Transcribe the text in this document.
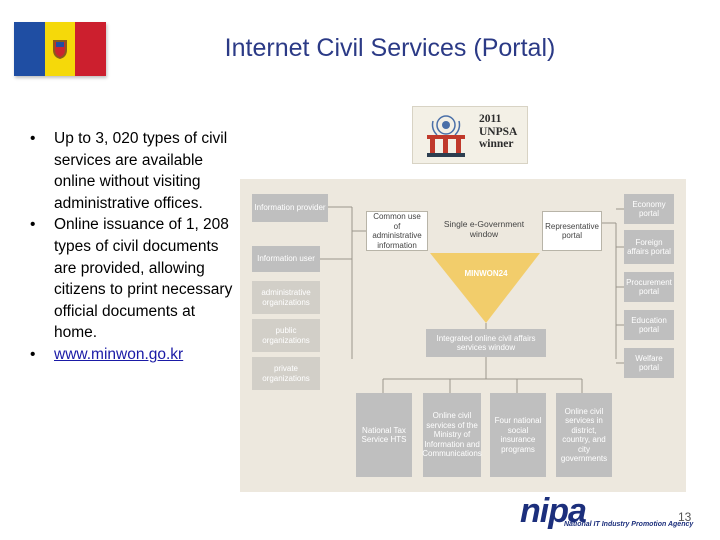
Internet Civil Services (Portal)
• Up to 3, 020 types of civil services are available online without visiting administrative offices.
• Online issuance of 1, 208 types of civil documents are provided, allowing citizens to print necessary official documents at home.
• www.minwon.go.kr
2011
UNPSA
winner
Information provider
Information user
administrative organizations
public organizations
private organizations
Common use of administrative information
Single e-Government window
Representative portal
MINWON24
Integrated online civil affairs services window
Economy portal
Foreign affairs portal
Procurement portal
Education portal
Welfare portal
National Tax Service HTS
Online civil services of the Ministry of Information and Communications
Four national social insurance programs
Online civil services in district, country, and city governments
nipa
National IT Industry Promotion Agency
13
